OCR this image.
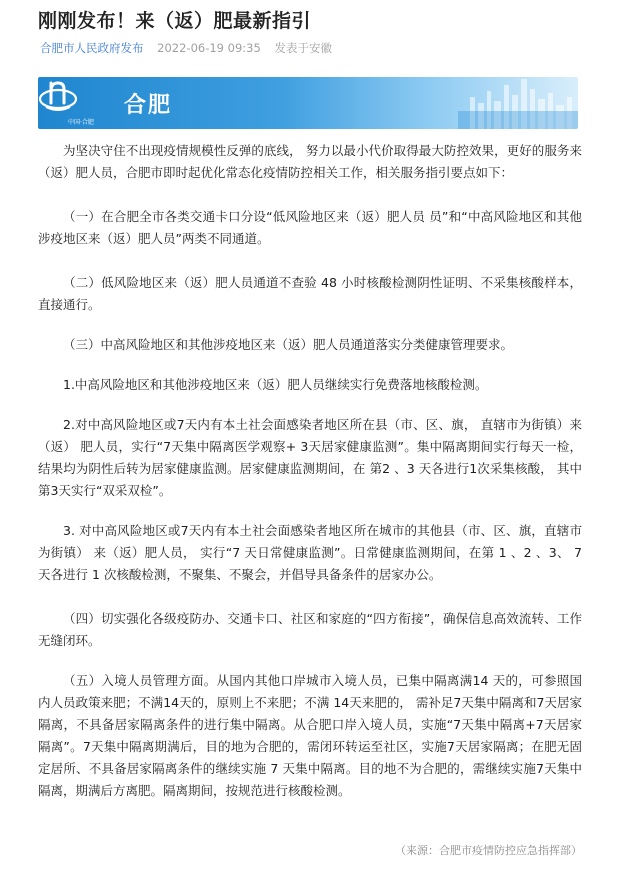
刚刚发布！来（返）肥最新指引
合肥市人民政府发布 2022-06-19 09:35 发表于安徽
中国·合肥
合肥

为坚决守住不出现疫情规模性反弹的底线， 努力以最小代价取得最大防控效果，更好的服务来（返）肥人员，合肥市即时起优化常态化疫情防控相关工作，相关服务指引要点如下：

（一）在合肥全市各类交通卡口分设“低风险地区来（返）肥人员 员”和“中高风险地区和其他涉疫地区来（返）肥人员”两类不同通道。

（二）低风险地区来（返）肥人员通道不查验 48 小时核酸检测阴性证明、不采集核酸样本，直接通行。

（三）中高风险地区和其他涉疫地区来（返）肥人员通道落实分类健康管理要求。

1.中高风险地区和其他涉疫地区来（返）肥人员继续实行免费落地核酸检测。

2.对中高风险地区或7天内有本土社会面感染者地区所在县（市、区、旗， 直辖市为街镇）来（返） 肥人员，实行“7天集中隔离医学观察+ 3天居家健康监测”。集中隔离期间实行每天一检， 结果均为阴性后转为居家健康监测。居家健康监测期间，在 第2 、3 天各进行1次采集核酸， 其中第3天实行“双采双检”。

3. 对中高风险地区或7天内有本土社会面感染者地区所在城市的其他县（市、区、旗，直辖市为街镇） 来（返）肥人员， 实行“7 天日常健康监测”。日常健康监测期间，在第 1 、2 、3、 7 天各进行 1 次核酸检测，不聚集、不聚会，并倡导具备条件的居家办公。

（四）切实强化各级疫防办、交通卡口、社区和家庭的“四方衔接”，确保信息高效流转、工作无缝闭环。

（五）入境人员管理方面。从国内其他口岸城市入境人员，已集中隔离满14 天的，可参照国内人员政策来肥；不满14天的，原则上不来肥；不满 14天来肥的， 需补足7天集中隔离和7天居家隔离，不具备居家隔离条件的进行集中隔离。从合肥口岸入境人员，实施“7天集中隔离+7天居家隔离”。7天集中隔离期满后，目的地为合肥的，需闭环转运至社区，实施7天居家隔离；在肥无固定居所、不具备居家隔离条件的继续实施 7 天集中隔离。目的地不为合肥的，需继续实施7天集中隔离，期满后方离肥。隔离期间，按规范进行核酸检测。

（来源：合肥市疫情防控应急指挥部）
